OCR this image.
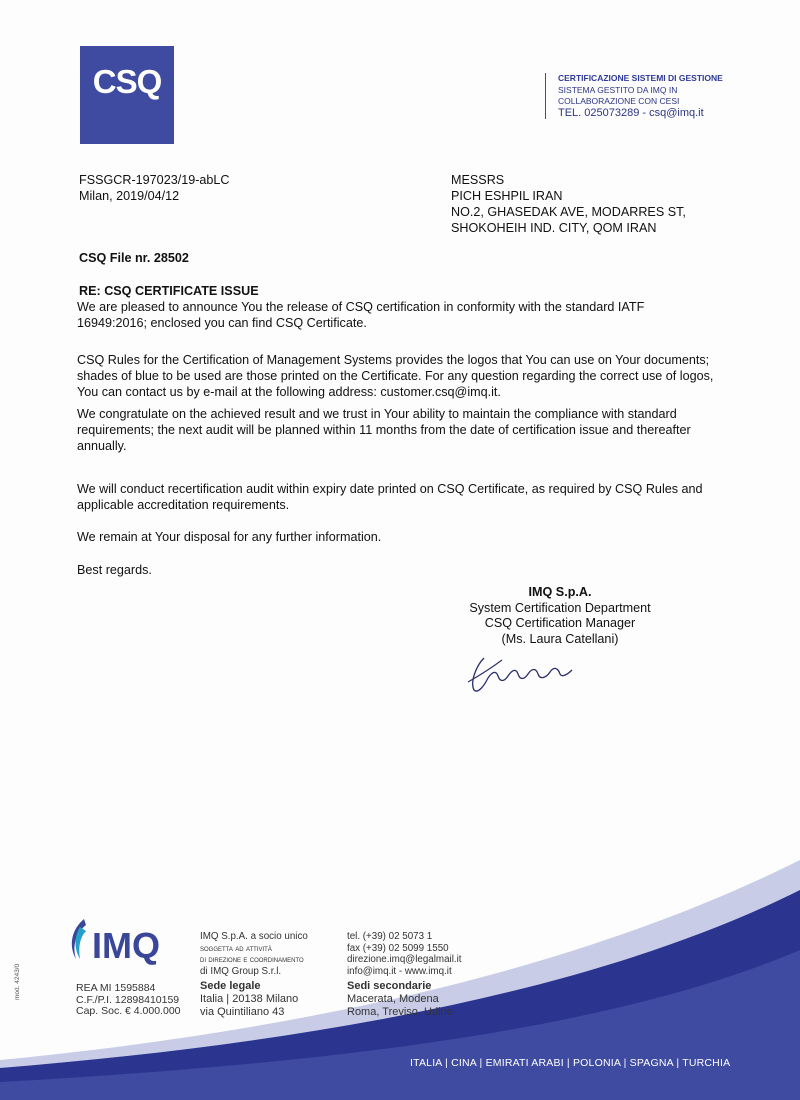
CSQ	CERTIFICAZIONE SISTEMI DI GESTIONE
SISTEMA GESTITO DA IMQ IN
COLLABORAZIONE CON CESI
TEL. 025073289 - csq@imq.it
FSSGCR-197023/19-abLC
Milan, 2019/04/12
MESSRS
PICH ESHPIL IRAN
NO.2, GHASEDAK AVE, MODARRES ST,
SHOKOHEIH IND. CITY, QOM IRAN
CSQ File nr. 28502
RE: CSQ CERTIFICATE ISSUE
We are pleased to announce You the release of CSQ certification in conformity with the standard IATF 16949:2016; enclosed you can find CSQ Certificate.
CSQ Rules for the Certification of Management Systems provides the logos that You can use on Your documents; shades of blue to be used are those printed on the Certificate. For any question regarding the correct use of logos, You can contact us by e-mail at the following address: customer.csq@imq.it.
We congratulate on the achieved result and we trust in Your ability to maintain the compliance with standard requirements; the next audit will be planned within 11 months from the date of certification issue and thereafter annually.
We will conduct recertification audit within expiry date printed on CSQ Certificate, as required by CSQ Rules and applicable accreditation requirements.
We remain at Your disposal for any further information.
Best regards.
IMQ S.p.A.
System Certification Department
CSQ Certification Manager
(Ms. Laura Catellani)
IMQ
REA MI 1595884
C.F./P.I. 12898410159
Cap. Soc. € 4.000.000
IMQ S.p.A. a socio unico
soggetta ad attività
di direzione e coordinamento
di IMQ Group S.r.l.
Sede legale
Italia | 20138 Milano
via Quintiliano 43
tel. (+39) 02 5073 1
fax (+39) 02 5099 1550
direzione.imq@legalmail.it
info@imq.it - www.imq.it
Sedi secondarie
Macerata, Modena
Roma, Treviso, Udine
mod. 4243/0
ITALIA | CINA | EMIRATI ARABI | POLONIA | SPAGNA | TURCHIA
